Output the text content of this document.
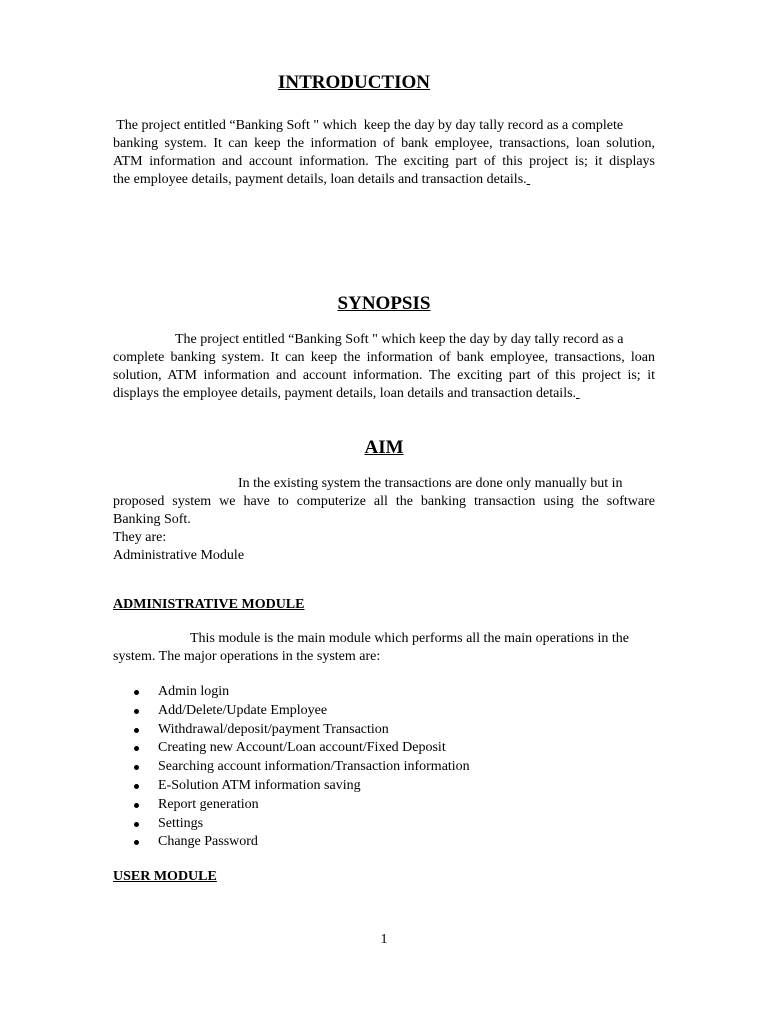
INTRODUCTION
The project entitled “Banking Soft " which  keep the day by day tally record as a complete
banking system. It can keep the information of bank employee, transactions, loan solution,
ATM information and account information. The exciting part of this project is; it displays
the employee details, payment details, loan details and transaction details.
SYNOPSIS
The project entitled “Banking Soft " which keep the day by day tally record as a
complete banking system. It can keep the information of bank employee, transactions, loan
solution, ATM information and account information. The exciting part of this project is; it
displays the employee details, payment details, loan details and transaction details.
AIM
In the existing system the transactions are done only manually but in
proposed system we have to computerize all the banking transaction using the software
Banking Soft.
They are:
Administrative Module
ADMINISTRATIVE MODULE
This module is the main module which performs all the main operations in the
system. The major operations in the system are:
Admin login
Add/Delete/Update Employee
Withdrawal/deposit/payment Transaction
Creating new Account/Loan account/Fixed Deposit
Searching account information/Transaction information
E-Solution ATM information saving
Report generation
Settings
Change Password
USER MODULE
1
